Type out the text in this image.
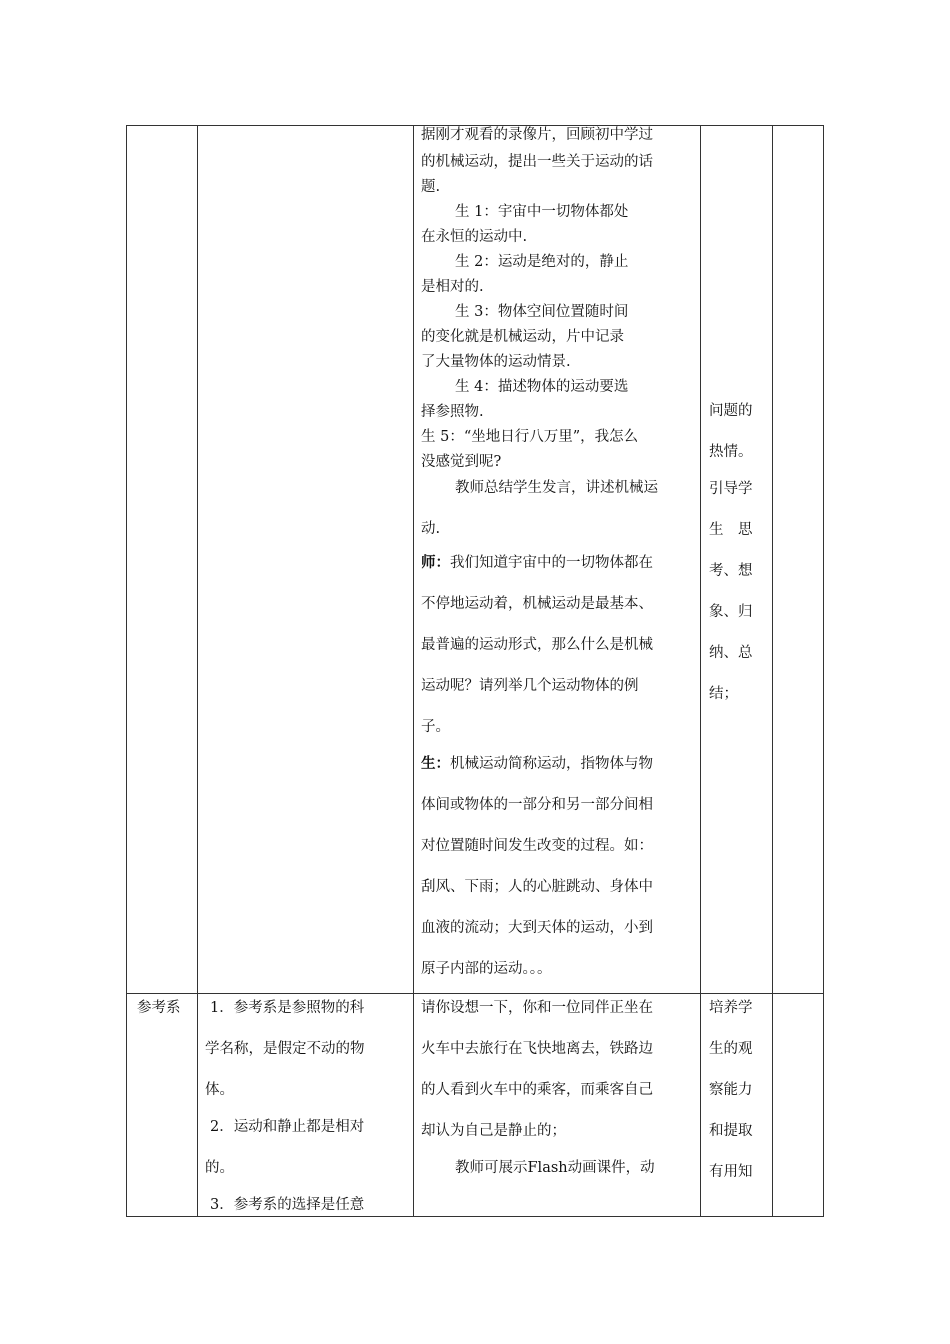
据刚才观看的录像片，回顾初中学过
的机械运动，提出一些关于运动的话
题.
生 1：宇宙中一切物体都处
在永恒的运动中.
生 2：运动是绝对的，静止
是相对的.
生 3：物体空间位置随时间
的变化就是机械运动，片中记录
了大量物体的运动情景.
生 4：描述物体的运动要选
择参照物.
生 5：“坐地日行八万里”，我怎么
没感觉到呢?
教师总结学生发言，讲述机械运
动.
师：我们知道宇宙中的一切物体都在
不停地运动着，机械运动是最基本、
最普遍的运动形式，那么什么是机械
运动呢？请列举几个运动物体的例
子。
生：机械运动简称运动，指物体与物
体间或物体的一部分和另一部分间相
对位置随时间发生改变的过程。如：
刮风、下雨；人的心脏跳动、身体中
血液的流动；大到天体的运动，小到
原子内部的运动。。。
问题的
热情。
引导学
生　思
考、想
象、归
纳、总
结；
参考系 1．参考系是参照物的科
学名称，是假定不动的物
体。
2．运动和静止都是相对
的。
3．参考系的选择是任意
请你设想一下，你和一位同伴正坐在
火车中去旅行在飞快地离去，铁路边
的人看到火车中的乘客，而乘客自己
却认为自己是静止的；
教师可展示Flash动画课件，动
培养学
生的观
察能力
和提取
有用知
